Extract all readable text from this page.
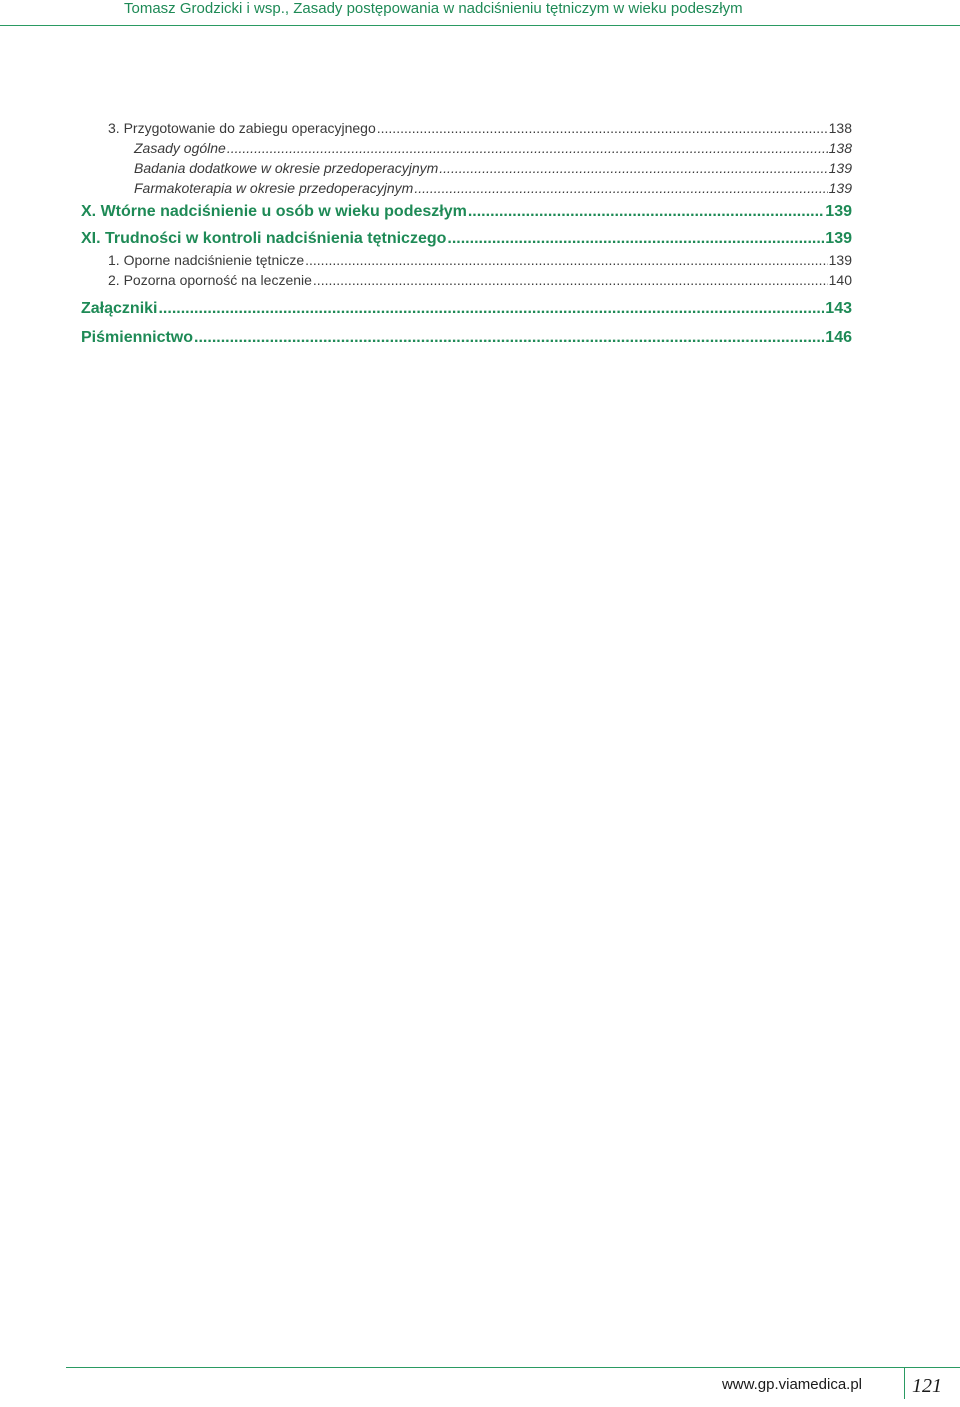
Tomasz Grodzicki i wsp., Zasady postępowania w nadciśnieniu tętniczym w wieku podeszłym
3. Przygotowanie do zabiegu operacyjnego .....	138
Zasady ogólne .....	138
Badania dodatkowe w okresie przedoperacyjnym .....	139
Farmakoterapia w okresie przedoperacyjnym .....	139
X. Wtórne nadciśnienie u osób w wieku podeszłym .....	139
XI. Trudności w kontroli nadciśnienia tętniczego .....	139
1. Oporne nadciśnienie tętnicze .....	139
2. Pozorna oporność na leczenie .....	140
Załączniki .....	143
Piśmiennictwo .....	146
www.gp.viamedica.pl	121
